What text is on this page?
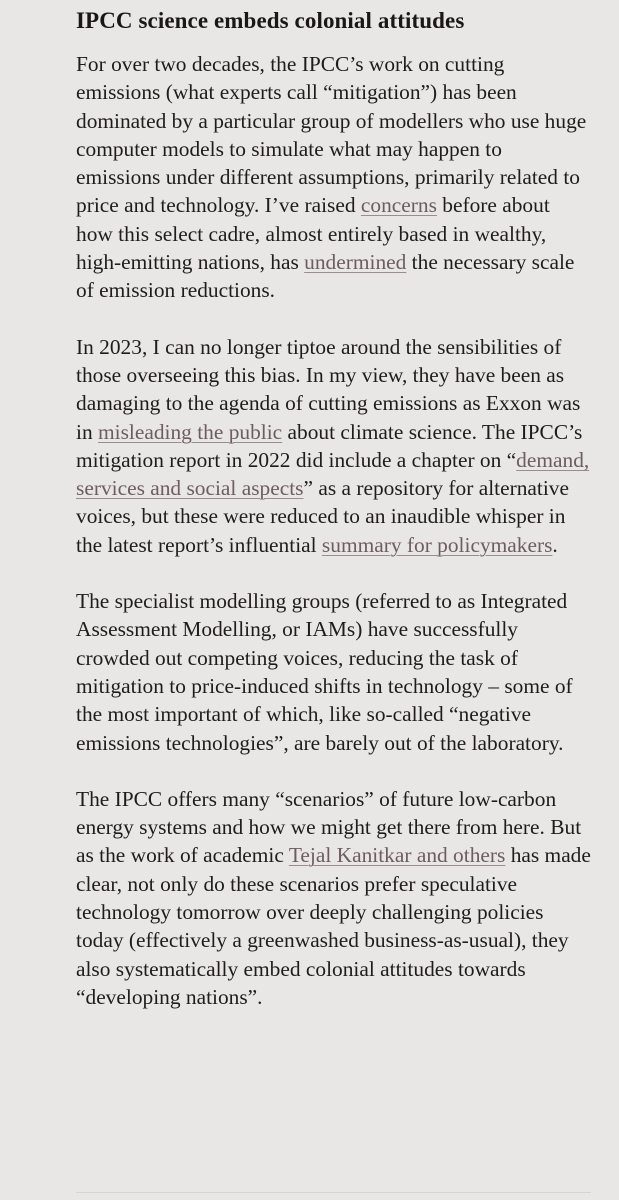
IPCC science embeds colonial attitudes

For over two decades, the IPCC’s work on cutting emissions (what experts call “mitigation”) has been dominated by a particular group of modellers who use huge computer models to simulate what may happen to emissions under different assumptions, primarily related to price and technology. I’ve raised concerns before about how this select cadre, almost entirely based in wealthy, high-emitting nations, has undermined the necessary scale of emission reductions.

In 2023, I can no longer tiptoe around the sensibilities of those overseeing this bias. In my view, they have been as damaging to the agenda of cutting emissions as Exxon was in misleading the public about climate science. The IPCC’s mitigation report in 2022 did include a chapter on “demand, services and social aspects” as a repository for alternative voices, but these were reduced to an inaudible whisper in the latest report’s influential summary for policymakers.

The specialist modelling groups (referred to as Integrated Assessment Modelling, or IAMs) have successfully crowded out competing voices, reducing the task of mitigation to price-induced shifts in technology – some of the most important of which, like so-called “negative emissions technologies”, are barely out of the laboratory.

The IPCC offers many “scenarios” of future low-carbon energy systems and how we might get there from here. But as the work of academic Tejal Kanitkar and others has made clear, not only do these scenarios prefer speculative technology tomorrow over deeply challenging policies today (effectively a greenwashed business-as-usual), they also systematically embed colonial attitudes towards “developing nations”.
